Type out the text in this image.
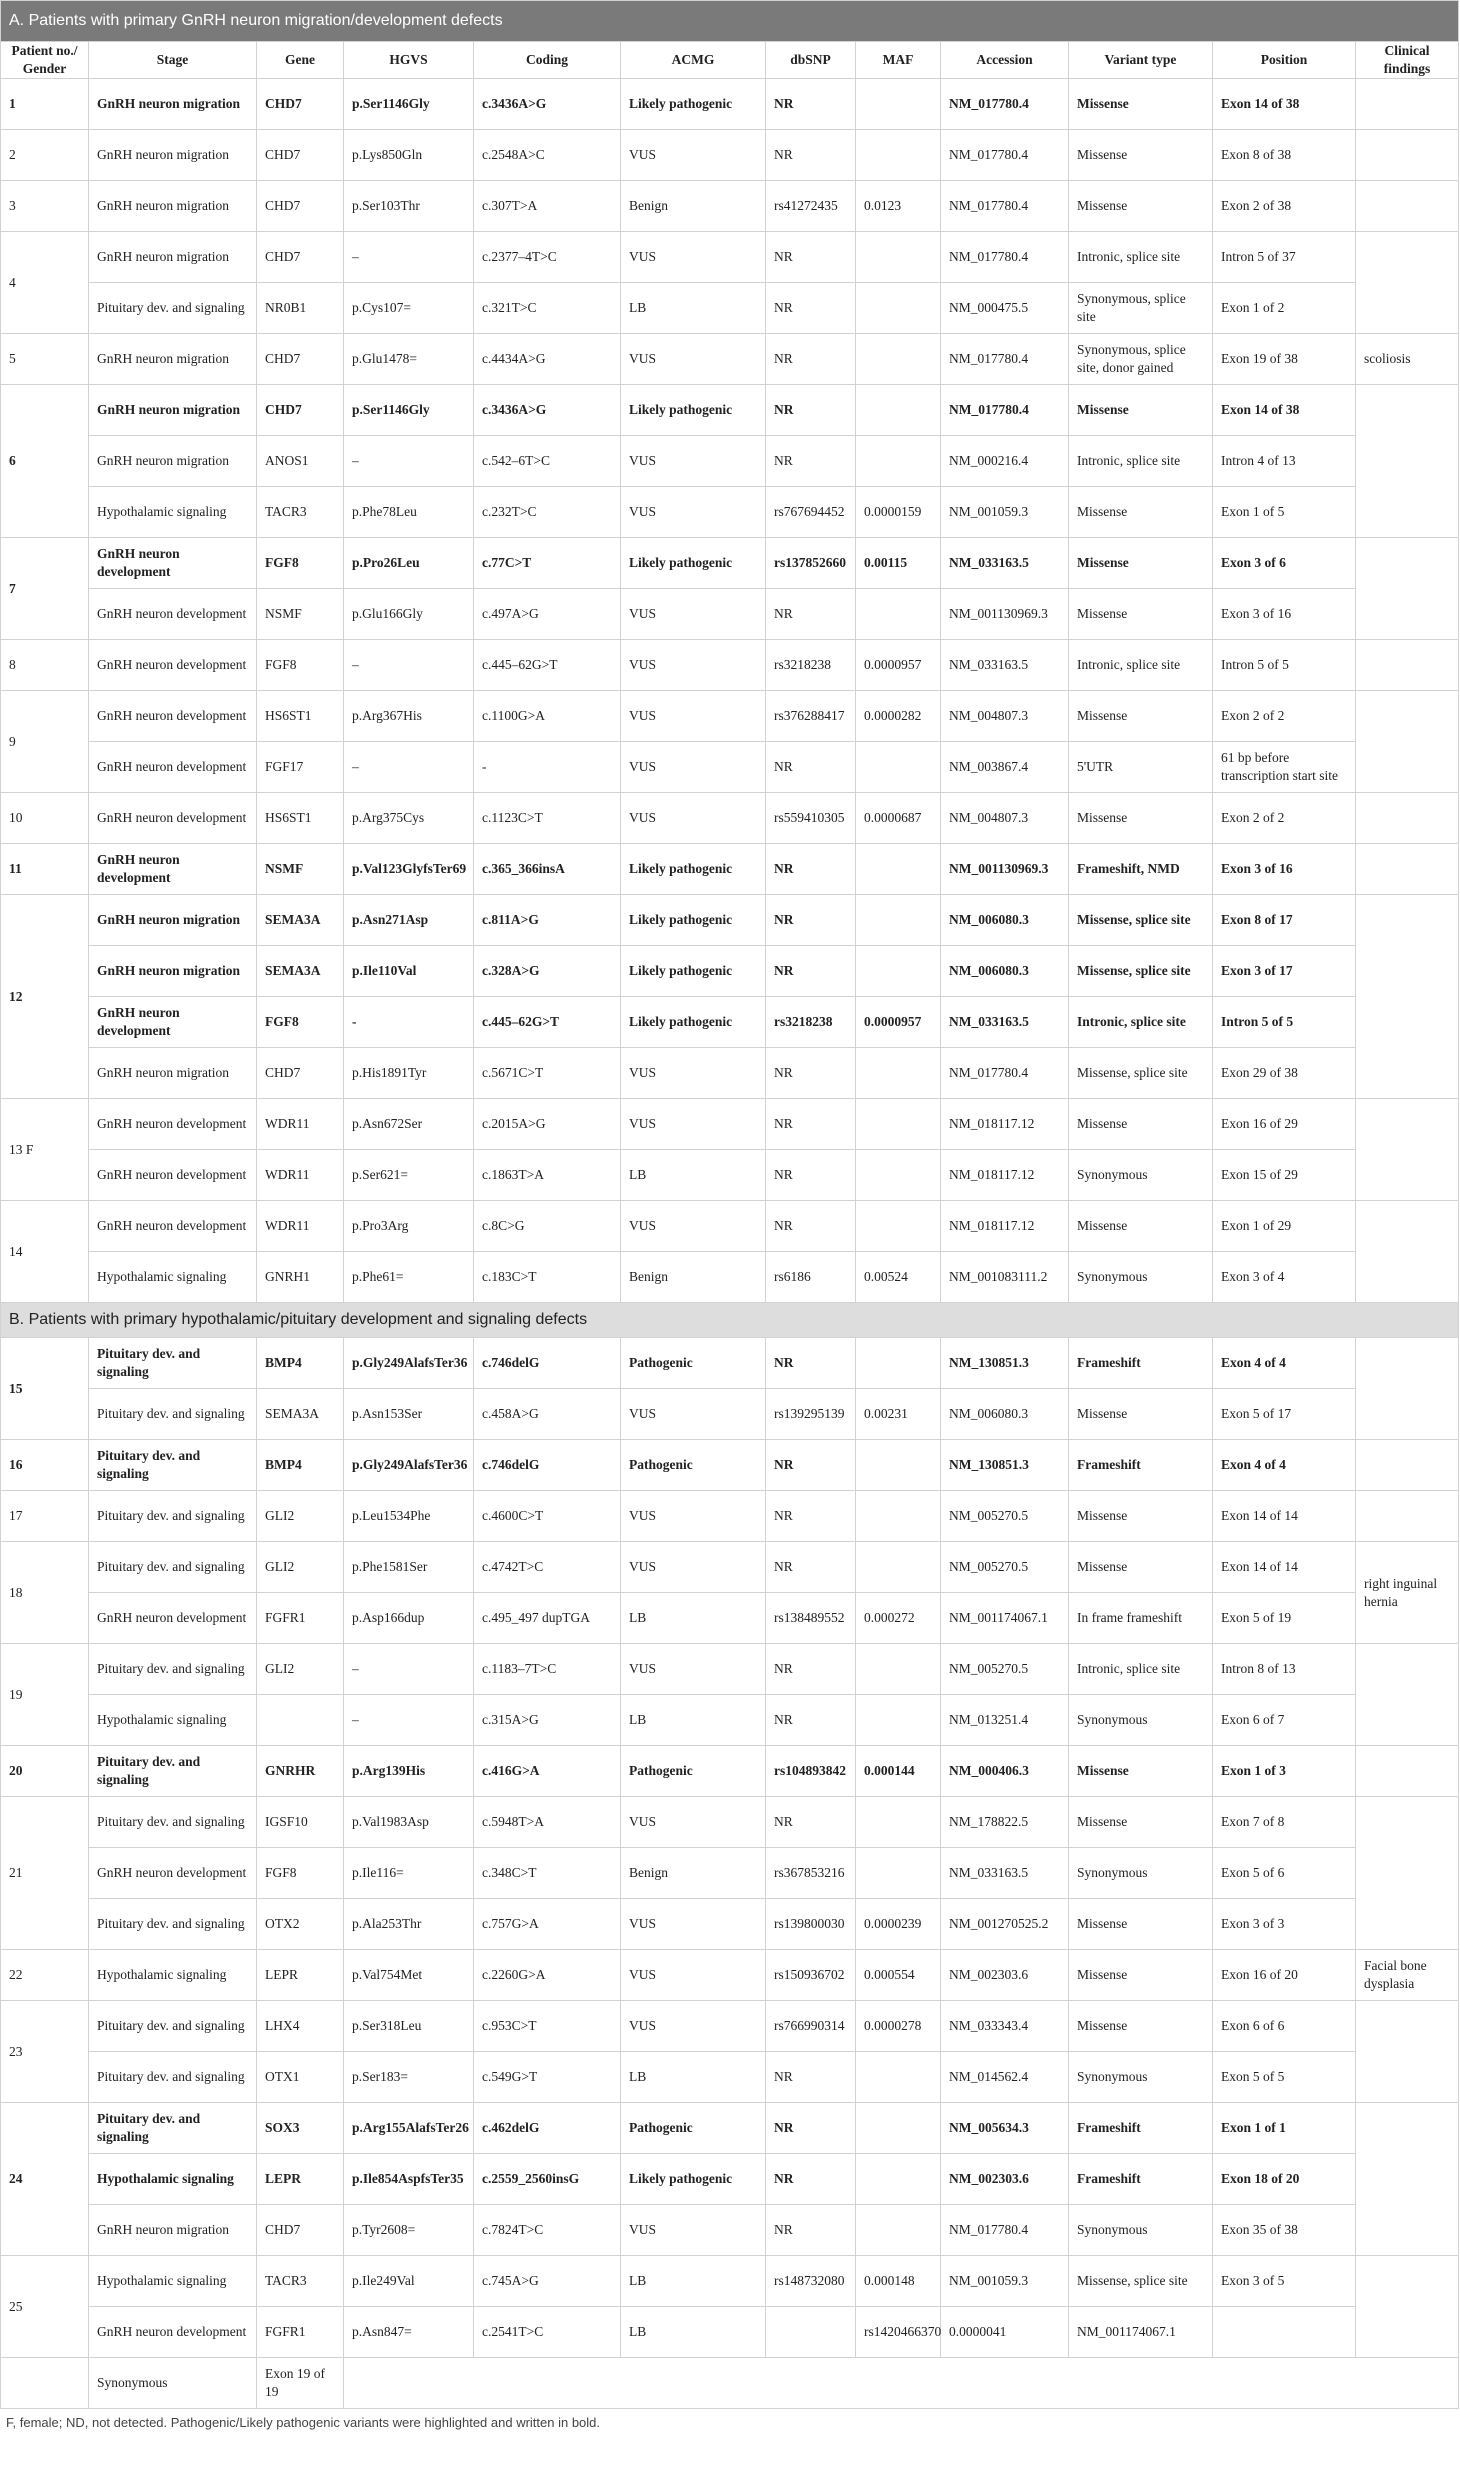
A. Patients with primary GnRH neuron migration/development defects											
Patient no./ Gender	Stage	Gene	HGVS	Coding	ACMG	dbSNP	MAF	Accession	Variant type	Position	Clinical findings
1	GnRH neuron migration	CHD7	p.Ser1146Gly	c.3436A>G	Likely pathogenic	NR		NM_017780.4	Missense	Exon 14 of 38	
2	GnRH neuron migration	CHD7	p.Lys850Gln	c.2548A>C	VUS	NR		NM_017780.4	Missense	Exon 8 of 38	
3	GnRH neuron migration	CHD7	p.Ser103Thr	c.307T>A	Benign	rs41272435	0.0123	NM_017780.4	Missense	Exon 2 of 38	
4	GnRH neuron migration	CHD7	–	c.2377–4T>C	VUS	NR		NM_017780.4	Intronic, splice site	Intron 5 of 37	
	Pituitary dev. and signaling	NR0B1	p.Cys107=	c.321T>C	LB	NR		NM_000475.5	Synonymous, splice site	Exon 1 of 2	
5	GnRH neuron migration	CHD7	p.Glu1478=	c.4434A>G	VUS	NR		NM_017780.4	Synonymous, splice site, donor gained	Exon 19 of 38	scoliosis
6	GnRH neuron migration	CHD7	p.Ser1146Gly	c.3436A>G	Likely pathogenic	NR		NM_017780.4	Missense	Exon 14 of 38	
	GnRH neuron migration	ANOS1	–	c.542–6T>C	VUS	NR		NM_000216.4	Intronic, splice site	Intron 4 of 13	
	Hypothalamic signaling	TACR3	p.Phe78Leu	c.232T>C	VUS	rs767694452	0.0000159	NM_001059.3	Missense	Exon 1 of 5	
7	GnRH neuron development	FGF8	p.Pro26Leu	c.77C>T	Likely pathogenic	rs137852660	0.00115	NM_033163.5	Missense	Exon 3 of 6	
	GnRH neuron development	NSMF	p.Glu166Gly	c.497A>G	VUS	NR		NM_001130969.3	Missense	Exon 3 of 16	
8	GnRH neuron development	FGF8	–	c.445–62G>T	VUS	rs3218238	0.0000957	NM_033163.5	Intronic, splice site	Intron 5 of 5	
9	GnRH neuron development	HS6ST1	p.Arg367His	c.1100G>A	VUS	rs376288417	0.0000282	NM_004807.3	Missense	Exon 2 of 2	
	GnRH neuron development	FGF17	–	-	VUS	NR		NM_003867.4	5'UTR	61 bp before transcription start site	
10	GnRH neuron development	HS6ST1	p.Arg375Cys	c.1123C>T	VUS	rs559410305	0.0000687	NM_004807.3	Missense	Exon 2 of 2	
11	GnRH neuron development	NSMF	p.Val123GlyfsTer69	c.365_366insA	Likely pathogenic	NR		NM_001130969.3	Frameshift, NMD	Exon 3 of 16	
12	GnRH neuron migration	SEMA3A	p.Asn271Asp	c.811A>G	Likely pathogenic	NR		NM_006080.3	Missense, splice site	Exon 8 of 17	
	GnRH neuron migration	SEMA3A	p.Ile110Val	c.328A>G	Likely pathogenic	NR		NM_006080.3	Missense, splice site	Exon 3 of 17	
	GnRH neuron development	FGF8	-	c.445–62G>T	Likely pathogenic	rs3218238	0.0000957	NM_033163.5	Intronic, splice site	Intron 5 of 5	
	GnRH neuron migration	CHD7	p.His1891Tyr	c.5671C>T	VUS	NR		NM_017780.4	Missense, splice site	Exon 29 of 38	
13 F	GnRH neuron development	WDR11	p.Asn672Ser	c.2015A>G	VUS	NR		NM_018117.12	Missense	Exon 16 of 29	
	GnRH neuron development	WDR11	p.Ser621=	c.1863T>A	LB	NR		NM_018117.12	Synonymous	Exon 15 of 29	
14	GnRH neuron development	WDR11	p.Pro3Arg	c.8C>G	VUS	NR		NM_018117.12	Missense	Exon 1 of 29	
	Hypothalamic signaling	GNRH1	p.Phe61=	c.183C>T	Benign	rs6186	0.00524	NM_001083111.2	Synonymous	Exon 3 of 4	
B. Patients with primary hypothalamic/pituitary development and signaling defects											
15	Pituitary dev. and signaling	BMP4	p.Gly249AlafsTer36	c.746delG	Pathogenic	NR		NM_130851.3	Frameshift	Exon 4 of 4	
	Pituitary dev. and signaling	SEMA3A	p.Asn153Ser	c.458A>G	VUS	rs139295139	0.00231	NM_006080.3	Missense	Exon 5 of 17	
16	Pituitary dev. and signaling	BMP4	p.Gly249AlafsTer36	c.746delG	Pathogenic	NR		NM_130851.3	Frameshift	Exon 4 of 4	
17	Pituitary dev. and signaling	GLI2	p.Leu1534Phe	c.4600C>T	VUS	NR		NM_005270.5	Missense	Exon 14 of 14	
18	Pituitary dev. and signaling	GLI2	p.Phe1581Ser	c.4742T>C	VUS	NR		NM_005270.5	Missense	Exon 14 of 14	right inguinal hernia
	GnRH neuron development	FGFR1	p.Asp166dup	c.495_497 dupTGA	LB	rs138489552	0.000272	NM_001174067.1	In frame frameshift	Exon 5 of 19	
19	Pituitary dev. and signaling	GLI2	–	c.1183–7T>C	VUS	NR		NM_005270.5	Intronic, splice site	Intron 8 of 13	
	Hypothalamic signaling		–	c.315A>G	LB	NR		NM_013251.4	Synonymous	Exon 6 of 7	
20	Pituitary dev. and signaling	GNRHR	p.Arg139His	c.416G>A	Pathogenic	rs104893842	0.000144	NM_000406.3	Missense	Exon 1 of 3	
21	Pituitary dev. and signaling	IGSF10	p.Val1983Asp	c.5948T>A	VUS	NR		NM_178822.5	Missense	Exon 7 of 8	
	GnRH neuron development	FGF8	p.Ile116=	c.348C>T	Benign	rs367853216		NM_033163.5	Synonymous	Exon 5 of 6	
	Pituitary dev. and signaling	OTX2	p.Ala253Thr	c.757G>A	VUS	rs139800030	0.0000239	NM_001270525.2	Missense	Exon 3 of 3	
22	Hypothalamic signaling	LEPR	p.Val754Met	c.2260G>A	VUS	rs150936702	0.000554	NM_002303.6	Missense	Exon 16 of 20	Facial bone dysplasia
23	Pituitary dev. and signaling	LHX4	p.Ser318Leu	c.953C>T	VUS	rs766990314	0.0000278	NM_033343.4	Missense	Exon 6 of 6	
	Pituitary dev. and signaling	OTX1	p.Ser183=	c.549G>T	LB	NR		NM_014562.4	Synonymous	Exon 5 of 5	
24	Pituitary dev. and signaling	SOX3	p.Arg155AlafsTer26	c.462delG	Pathogenic	NR		NM_005634.3	Frameshift	Exon 1 of 1	
	Hypothalamic signaling	LEPR	p.Ile854AspfsTer35	c.2559_2560insG	Likely pathogenic	NR		NM_002303.6	Frameshift	Exon 18 of 20	
	GnRH neuron migration	CHD7	p.Tyr2608=	c.7824T>C	VUS	NR		NM_017780.4	Synonymous	Exon 35 of 38	
25	Hypothalamic signaling	TACR3	p.Ile249Val	c.745A>G	LB	rs148732080	0.000148	NM_001059.3	Missense, splice site	Exon 3 of 5	
	GnRH neuron development	FGFR1	p.Asn847=	c.2541T>C	LB		rs1420466370	0.0000041	NM_001174067.1		
	Synonymous	Exon 19 of 19									
F, female; ND, not detected. Pathogenic/Likely pathogenic variants were highlighted and written in bold.
